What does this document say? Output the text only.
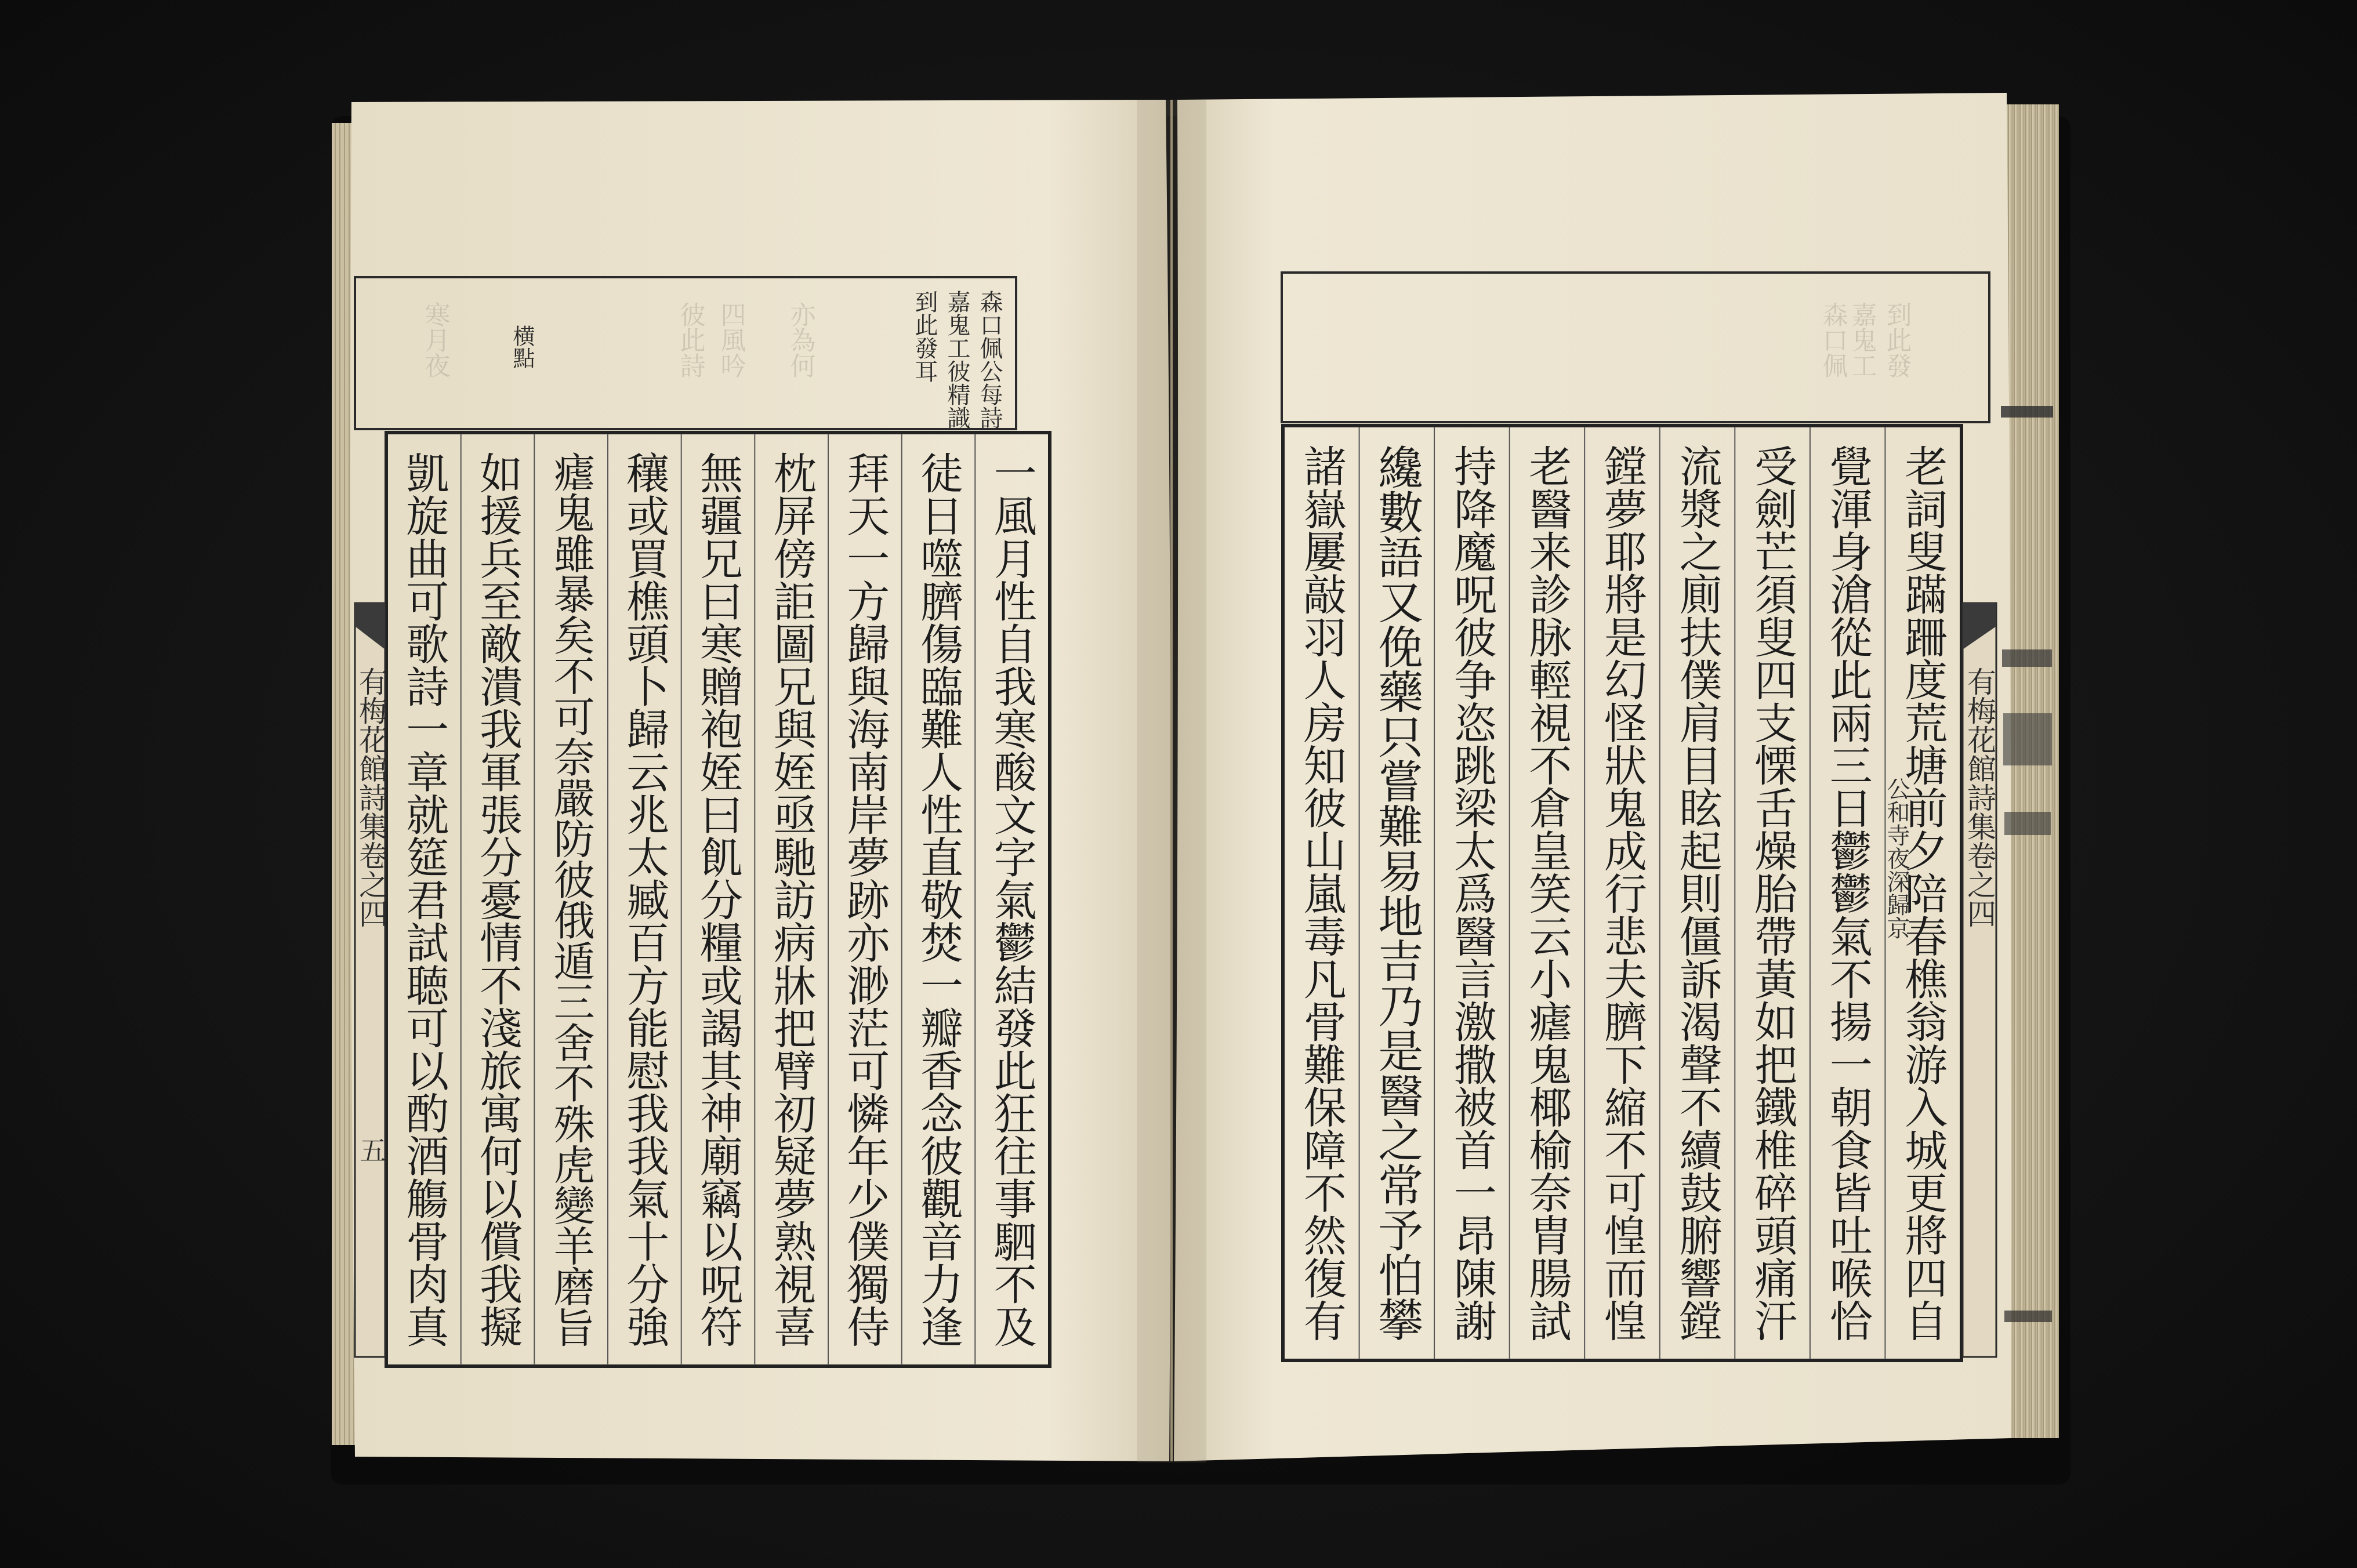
彼此詩 四風吟 亦為何
寒月夜	森口佩公每詩
嘉鬼工彼精識
到此發耳
横點
一風月性自我寒酸文字氣鬱結發此狂往事駟不及
徒日噬臍傷臨難人性直敬焚一瓣香念彼觀音力逢
拜天一方歸與海南岸夢跡亦渺茫可憐年少僕獨侍
枕屏傍詎圖兄與姪亟馳訪病牀把臂初疑夢熟視喜
無疆兄曰寒贈袍姪曰飢分糧或謁其神廟竊以呪符
穰或買樵頭卜歸云兆太臧百方能慰我我氣十分強
瘧鬼雖暴矣不可奈嚴防彼俄遁三舍不殊虎變羊磨旨
如援兵至敵潰我軍張分憂情不淺旅寓何以償我擬
凱旋曲可歌詩一章就筵君試聴可以酌酒觴骨肉真
有梅花館詩集卷之四
五
森口佩 嘉鬼工 到此發
老詞叟蹣跚度荒塘前夕陪春樵翁游入城更將四自
覺渾身滄從此兩三日鬱鬱氣不揚一朝食皆吐喉恰
受劍芒須叟四支慄舌燥胎帶黃如把鐵椎碎頭痛汗
流漿之廁扶僕肩目眩起則僵訴渴聲不續鼓腑響鏜
鏜夢耶將是幻怪狀鬼成行悲夫臍下縮不可惶而惶
老醫来診脉輕視不倉皇笑云小瘧鬼椰榆奈胄腸試
持降魔呪彼争恣跳梁太爲醫言激撒被首一昂陳謝
纔數語又俛藥只嘗難易地吉乃是醫之常予怕攀
諸嶽屢敲羽人房知彼山嵐毒凡骨難保障不然復有
公和寺夜深歸京 有梅花館詩集卷之四
